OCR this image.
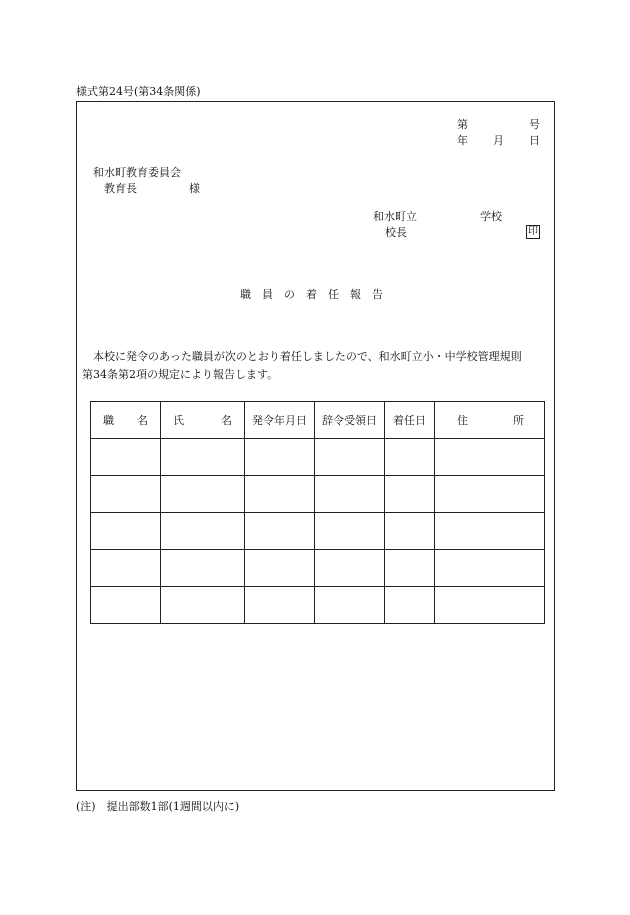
様式第24号(第34条関係)
第	号
年 月 日
和水町教育委員会
教育長	様
和水町立	学校
校長	印
職員の着任報告
本校に発令のあった職員が次のとおり着任しましたので、和水町立小・中学校管理規則
第34条第2項の規定により報告します。
職 名	氏 名	発令年月日	辞令受領日	着任日	住 所

(注)　提出部数1部(1週間以内に)
